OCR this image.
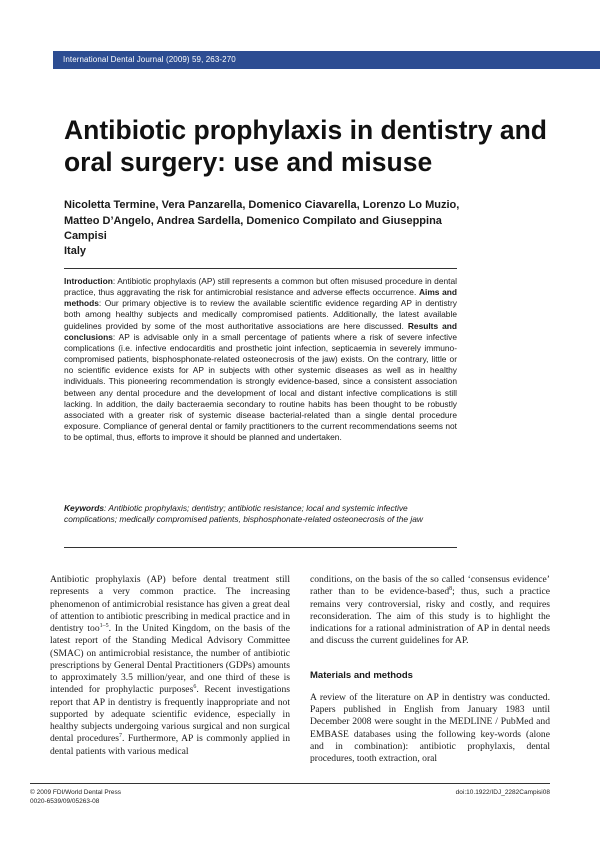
International Dental Journal (2009) 59, 263-270
Antibiotic prophylaxis in dentistry and oral surgery: use and misuse

Nicoletta Termine, Vera Panzarella, Domenico Ciavarella, Lorenzo Lo Muzio, Matteo D’Angelo, Andrea Sardella, Domenico Compilato and Giuseppina Campisi

Italy

Introduction: Antibiotic prophylaxis (AP) still represents a common but often misused procedure in dental practice, thus aggravating the risk for antimicrobial resistance and adverse effects occurrence. Aims and methods: Our primary objective is to review the available scientific evidence regarding AP in dentistry both among healthy subjects and medically compromised patients. Additionally, the latest available guidelines provided by some of the most authoritative associations are here discussed. Results and conclusions: AP is advisable only in a small percentage of patients where a risk of severe infective complications (i.e. infective endocarditis and prosthetic joint infection, septicaemia in severely immuno-compromised patients, bisphosphonate-related osteonecrosis of the jaw) exists. On the contrary, little or no scientific evidence exists for AP in subjects with other systemic diseases as well as in healthy individuals. This pioneering recommendation is strongly evidence-based, since a consistent association between any dental procedure and the development of local and distant infective complications is still lacking. In addition, the daily bacteraemia secondary to routine habits has been thought to be robustly associated with a greater risk of systemic disease bacterial-related than a single dental procedure exposure. Compliance of general dental or family practitioners to the current recommendations seems not to be optimal, thus, efforts to improve it should be planned and undertaken.

Keywords: Antibiotic prophylaxis; dentistry; antibiotic resistance; local and systemic infective complications; medically compromised patients, bisphosphonate-related osteonecrosis of the jaw

Antibiotic prophylaxis (AP) before dental treatment still represents a very common practice. The increasing phenomenon of antimicrobial resistance has given a great deal of attention to antibiotic prescribing in medical practice and in dentistry too$^{1-5}$. In the United Kingdom, on the basis of the latest report of the Standing Medical Advisory Committee (SMAC) on antimicrobial resistance, the number of antibiotic prescriptions by General Dental Practitioners (GDPs) amounts to approximately 3.5 million/year, and one third of these is intended for prophylactic purposes$^6$. Recent investigations report that AP in dentistry is frequently inappropriate and not supported by adequate scientific evidence, especially in healthy subjects undergoing various surgical and non surgical dental procedures$^7$. Furthermore, AP is commonly applied in dental patients with various medical

conditions, on the basis of the so called ‘consensus evidence’ rather than to be evidence-based$^8$; thus, such a practice remains very controversial, risky and costly, and requires reconsideration. The aim of this study is to highlight the indications for a rational administration of AP in dental needs and discuss the current guidelines for AP.

Materials and methods

A review of the literature on AP in dentistry was conducted. Papers published in English from January 1983 until December 2008 were sought in the MEDLINE / PubMed and EMBASE databases using the following key-words (alone and in combination): antibiotic prophylaxis, dental procedures, tooth extraction, oral

© 2009 FDI/World Dental Press
0020-6539/09/05263-08
doi:10.1922/IDJ_2282Campisi08
